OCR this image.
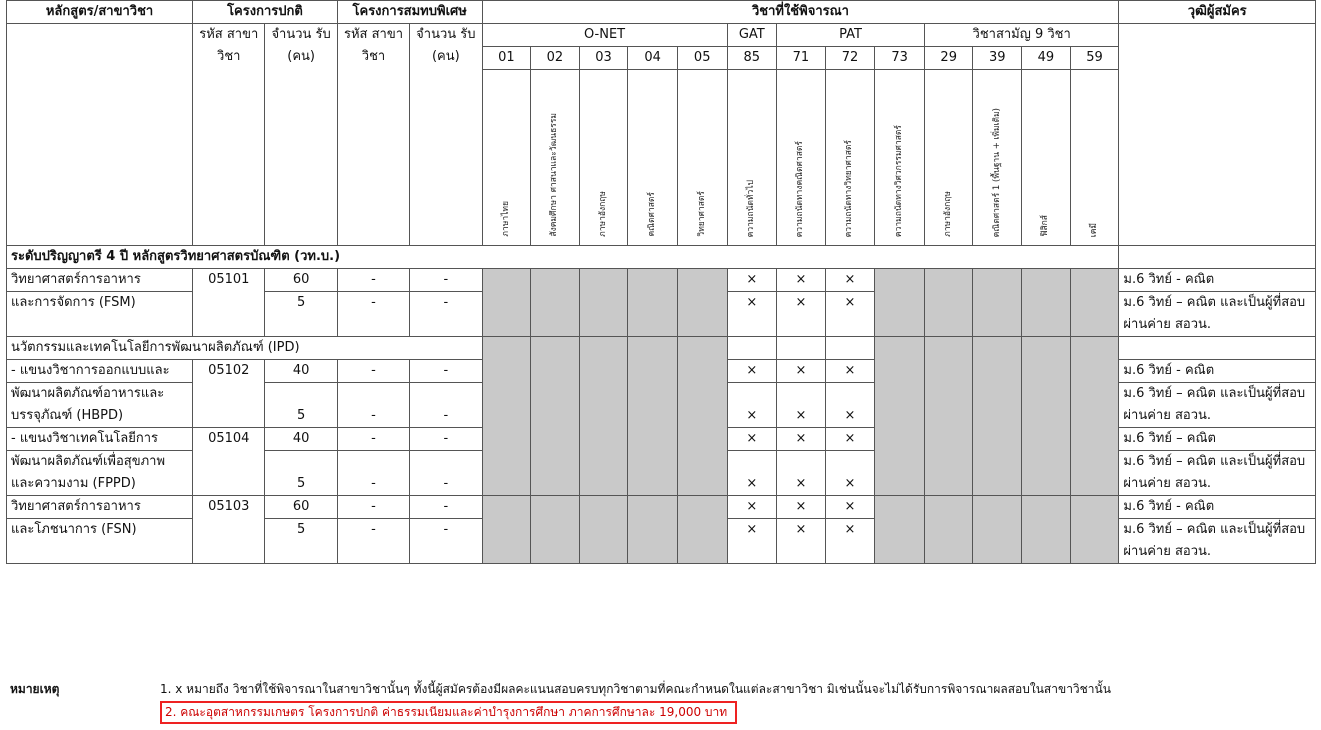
หลักสูตร/สาขาวิชา	โครงการปกติ		โครงการสมทบพิเศษ		วิชาที่ใช้พิจารณา													วุฒิผู้สมัคร
	รหัส สาขา วิชา	จำนวน รับ (คน)	รหัส สาขา วิชา	จำนวน รับ (คน)	O-NET					GAT	PAT			วิชาสามัญ 9 วิชา				
					01	02	03	04	05	85	71	72	73	29	39	49	59	
					ภาษาไทย	สังคมศึกษา ศาสนาและวัฒนธรรม	ภาษาอังกฤษ	คณิตศาสตร์	วิทยาศาสตร์	ความถนัดทั่วไป	ความถนัดทางคณิตศาสตร์	ความถนัดทางวิทยาศาสตร์	ความถนัดทางวิศวกรรมศาสตร์	ภาษาอังกฤษ	คณิตศาสตร์ 1 (พื้นฐาน + เพิ่มเติม)	ฟิสิกส์	เคมี	
ระดับปริญญาตรี 4 ปี หลักสูตรวิทยาศาสตรบัณฑิต (วท.บ.)																		
วิทยาศาสตร์การอาหาร	05101	60	-	-						×	×	×						ม.6 วิทย์ - คณิต
และการจัดการ (FSM)		5	-	-						×	×	×						ม.6 วิทย์ – คณิต และเป็นผู้ที่สอบผ่านค่าย สอวน.
นวัตกรรมและเทคโนโลยีการพัฒนาผลิตภัณฑ์ (IPD)																		
- แขนงวิชาการออกแบบและ	05102	40	-	-						×	×	×						ม.6 วิทย์ - คณิต
พัฒนาผลิตภัณฑ์อาหารและ
บรรจุภัณฑ์ (HBPD)		5	-	-						×	×	×						ม.6 วิทย์ – คณิต และเป็นผู้ที่สอบผ่านค่าย สอวน.
- แขนงวิชาเทคโนโลยีการ	05104	40	-	-						×	×	×						ม.6 วิทย์ – คณิต
พัฒนาผลิตภัณฑ์เพื่อสุขภาพ
และความงาม (FPPD)		5	-	-						×	×	×						ม.6 วิทย์ – คณิต และเป็นผู้ที่สอบผ่านค่าย สอวน.
วิทยาศาสตร์การอาหาร	05103	60	-	-						×	×	×						ม.6 วิทย์ - คณิต
และโภชนาการ (FSN)		5	-	-						×	×	×						ม.6 วิทย์ – คณิต และเป็นผู้ที่สอบผ่านค่าย สอวน.
หมายเหตุ	1. x หมายถึง วิชาที่ใช้พิจารณาในสาขาวิชานั้นๆ ทั้งนี้ผู้สมัครต้องมีผลคะแนนสอบครบทุกวิชาตามที่คณะกำหนดในแต่ละสาขาวิชา มิเช่นนั้นจะไม่ได้รับการพิจารณาผลสอบในสาขาวิชานั้น
2. คณะอุตสาหกรรมเกษตร โครงการปกติ ค่าธรรมเนียมและค่าบำรุงการศึกษา ภาคการศึกษาละ 19,000 บาท
